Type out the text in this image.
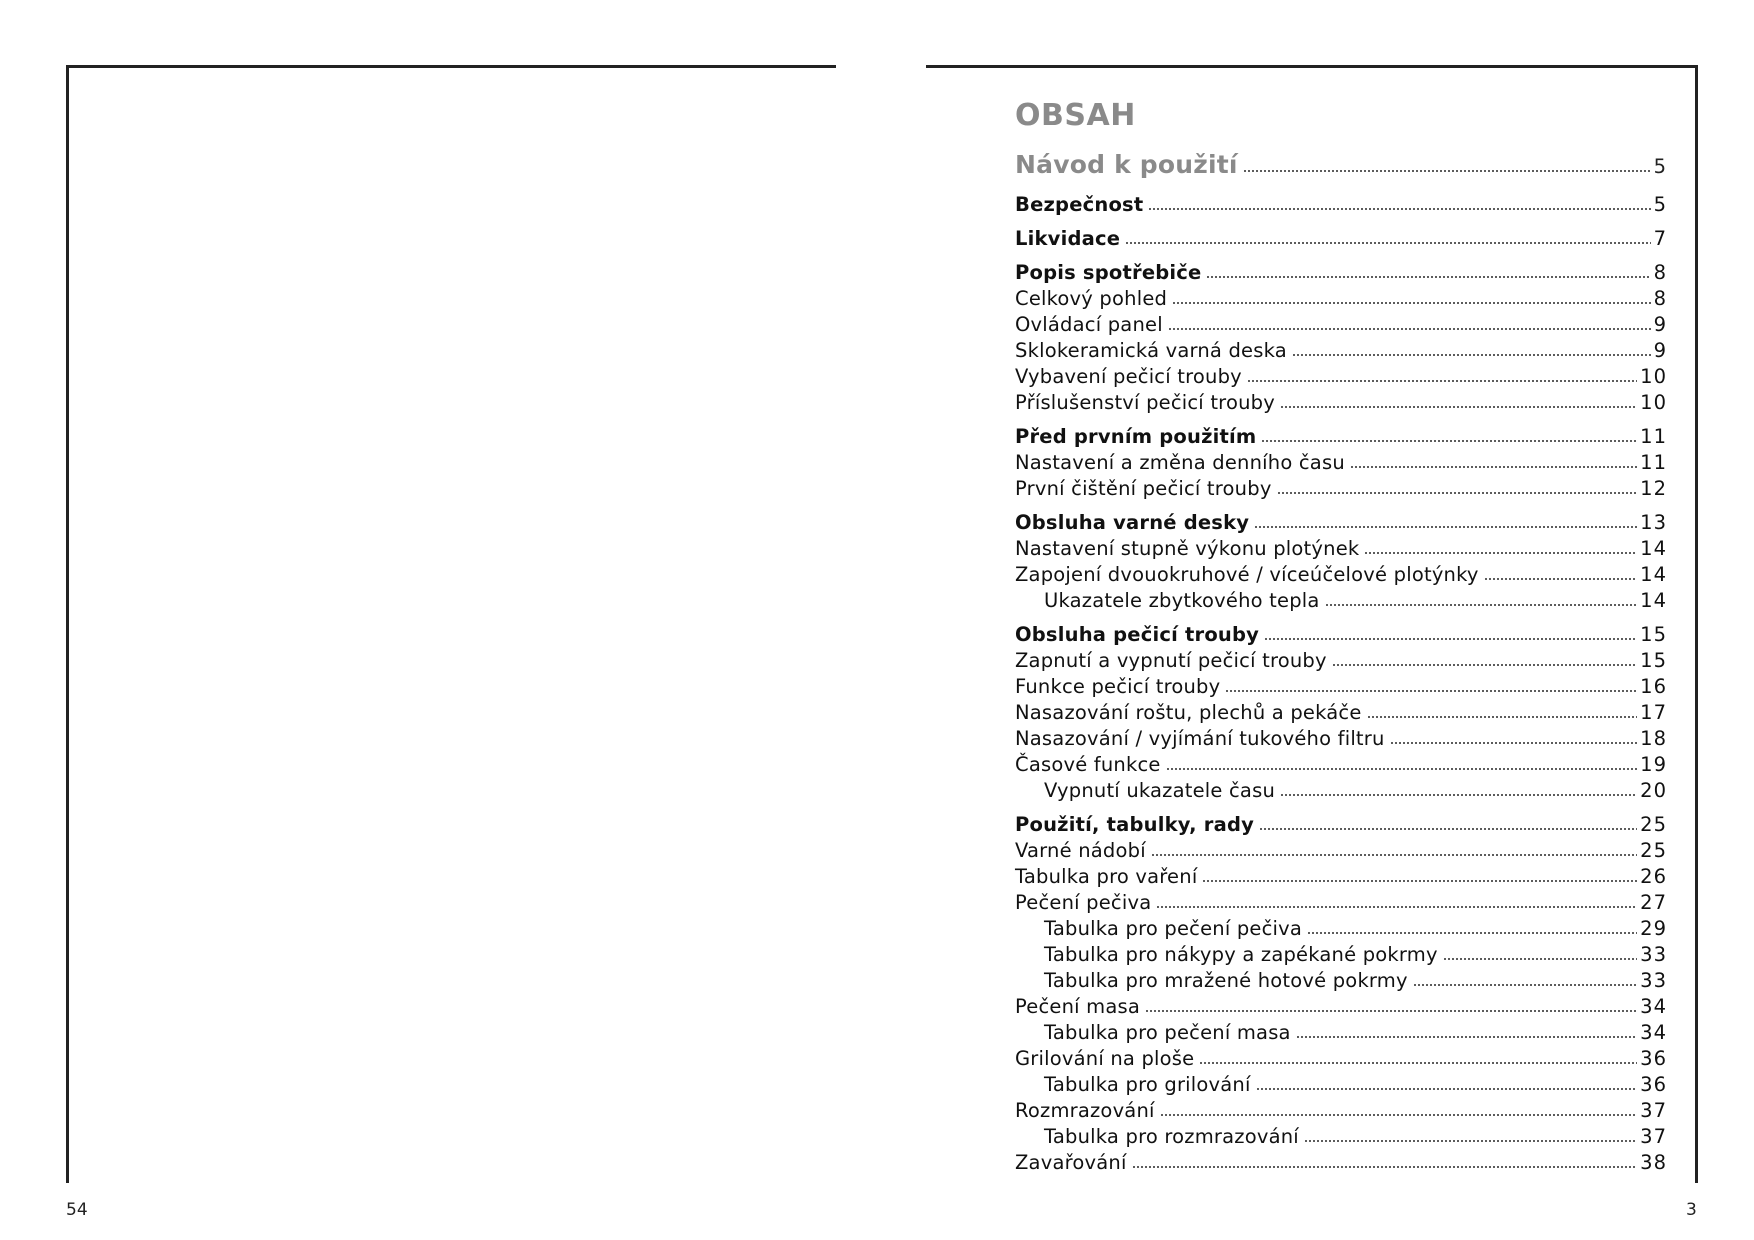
OBSAH
Návod k použití	5
Bezpečnost	5
Likvidace	7
Popis spotřebiče	8
Celkový pohled	8
Ovládací panel	9
Sklokeramická varná deska	9
Vybavení pečicí trouby	10
Příslušenství pečicí trouby	10
Před prvním použitím	11
Nastavení a změna denního času	11
První čištění pečicí trouby	12
Obsluha varné desky	13
Nastavení stupně výkonu plotýnek	14
Zapojení dvouokruhové / víceúčelové plotýnky	14
Ukazatele zbytkového tepla	14
Obsluha pečicí trouby	15
Zapnutí a vypnutí pečicí trouby	15
Funkce pečicí trouby	16
Nasazování roštu, plechů a pekáče	17
Nasazování / vyjímání tukového filtru	18
Časové funkce	19
Vypnutí ukazatele času	20
Použití, tabulky, rady	25
Varné nádobí	25
Tabulka pro vaření	26
Pečení pečiva	27
Tabulka pro pečení pečiva	29
Tabulka pro nákypy a zapékané pokrmy	33
Tabulka pro mražené hotové pokrmy	33
Pečení masa	34
Tabulka pro pečení masa	34
Grilování na ploše	36
Tabulka pro grilování	36
Rozmrazování	37
Tabulka pro rozmrazování	37
Zavařování	38
54	3
